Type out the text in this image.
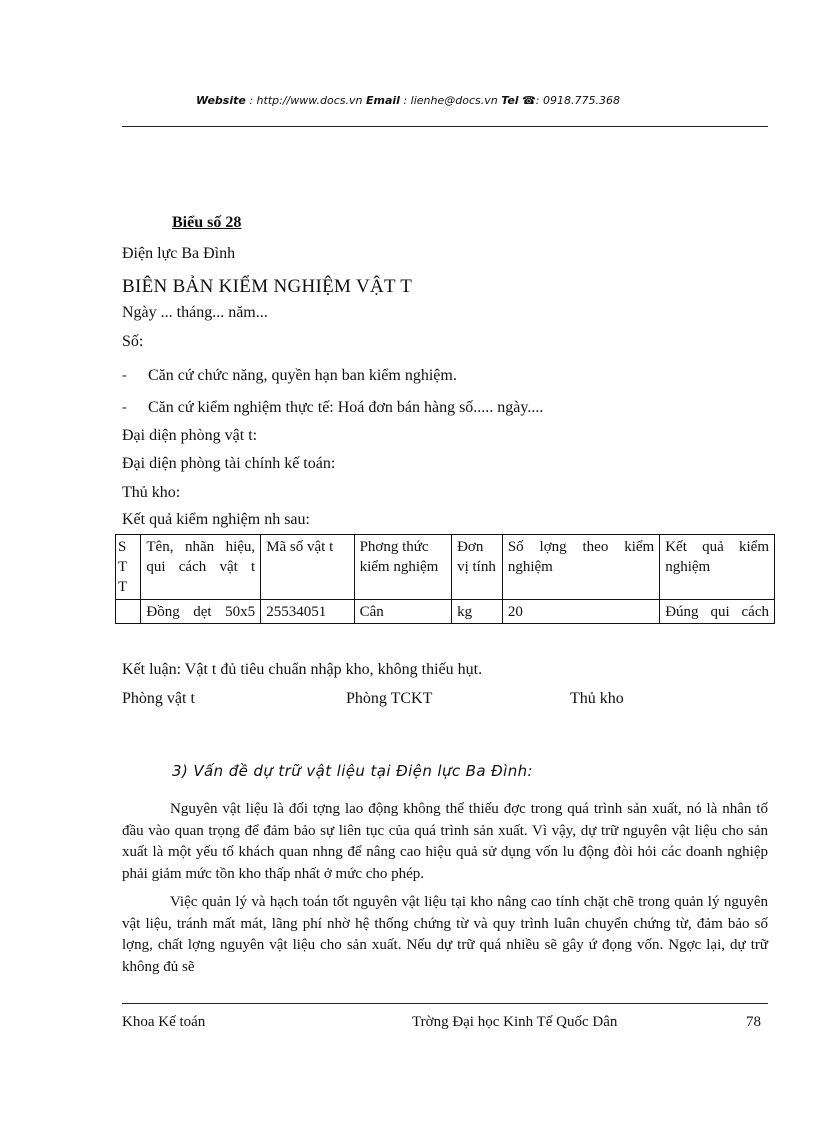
Website : http://www.docs.vn Email : lienhe@docs.vn Tel ☎: 0918.775.368
Biểu số 28
Điện lực Ba Đình
BIÊN BẢN KIỂM NGHIỆM VẬT T
Ngày ... tháng... năm...
Số:
- Căn cứ chức năng, quyền hạn ban kiểm nghiệm.
- Căn cứ kiểm nghiệm thực tế: Hoá đơn bán hàng số..... ngày....
Đại diện phòng vật t:
Đại diện phòng tài chính kế toán:
Thủ kho:
Kết quả kiểm nghiệm nh sau:
S T T	Tên, nhãn hiệu, qui cách vật t	Mã số vật t	Phơng thức kiểm nghiệm	Đơn vị tính	Số lợng theo kiểm nghiệm	Kết quả kiểm nghiệm
	Đồng dẹt 50x5	25534051	Cân	kg	20	Đúng qui cách
Kết luận: Vật t đủ tiêu chuẩn nhập kho, không thiếu hụt.
Phòng vật t	Phòng TCKT	Thủ kho
3) Vấn đề dự trữ vật liệu tại Điện lực Ba Đình:

Nguyên vật liệu là đối tợng lao động không thể thiếu đợc trong quá trình sản xuất, nó là nhân tố đầu vào quan trọng để đảm bảo sự liên tục của quá trình sản xuất. Vì vậy, dự trữ nguyên vật liệu cho sản xuất là một yếu tố khách quan nhng để nâng cao hiệu quả sử dụng vốn lu động đòi hỏi các doanh nghiệp phải giảm mức tồn kho thấp nhất ở mức cho phép.

Việc quản lý và hạch toán tốt nguyên vật liệu tại kho nâng cao tính chặt chẽ trong quản lý nguyên vật liệu, tránh mất mát, lãng phí nhờ hệ thống chứng từ và quy trình luân chuyển chứng từ, đảm bảo số lợng, chất lợng nguyên vật liệu cho sản xuất. Nếu dự trữ quá nhiều sẽ gây ứ đọng vốn. Ngợc lại, dự trữ không đủ sẽ

Khoa Kế toán	Trờng Đại học Kinh Tế Quốc Dân	78
